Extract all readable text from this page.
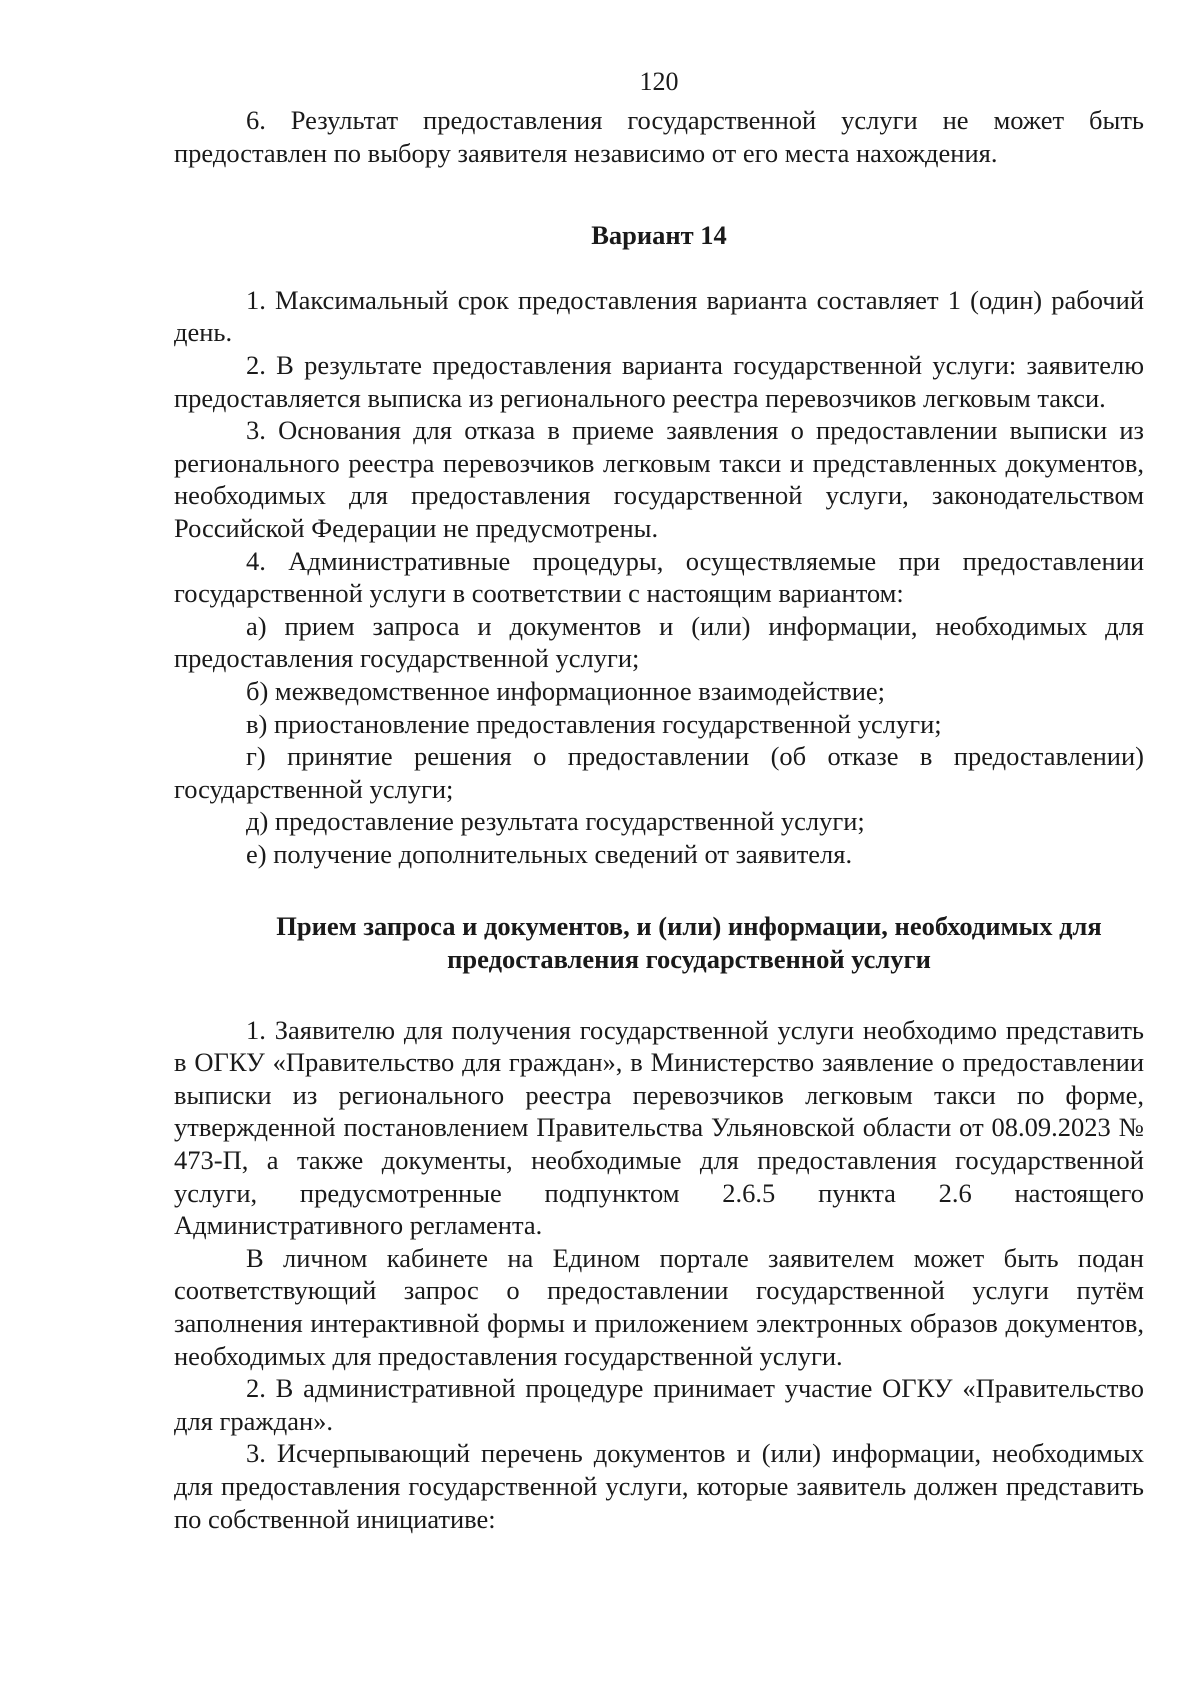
120

6. Результат предоставления государственной услуги не может быть предоставлен по выбору заявителя независимо от его места нахождения.

Вариант 14

1. Максимальный срок предоставления варианта составляет 1 (один) рабочий день.

2. В результате предоставления варианта государственной услуги: заявителю предоставляется выписка из регионального реестра перевозчиков легковым такси.

3. Основания для отказа в приеме заявления о предоставлении выписки из регионального реестра перевозчиков легковым такси и представленных документов, необходимых для предоставления государственной услуги, законодательством Российской Федерации не предусмотрены.

4. Административные процедуры, осуществляемые при предоставлении государственной услуги в соответствии с настоящим вариантом:

а) прием запроса и документов и (или) информации, необходимых для предоставления государственной услуги;

б) межведомственное информационное взаимодействие;

в) приостановление предоставления государственной услуги;

г) принятие решения о предоставлении (об отказе в предоставлении) государственной услуги;

д) предоставление результата государственной услуги;

е) получение дополнительных сведений от заявителя.

Прием запроса и документов, и (или) информации, необходимых для предоставления государственной услуги

1. Заявителю для получения государственной услуги необходимо представить в ОГКУ «Правительство для граждан», в Министерство заявление о предоставлении выписки из регионального реестра перевозчиков легковым такси по форме, утвержденной постановлением Правительства Ульяновской области от 08.09.2023 № 473-П, а также документы, необходимые для предоставления государственной услуги, предусмотренные подпунктом 2.6.5 пункта 2.6 настоящего Административного регламента.

В личном кабинете на Едином портале заявителем может быть подан соответствующий запрос о предоставлении государственной услуги путём заполнения интерактивной формы и приложением электронных образов документов, необходимых для предоставления государственной услуги.

2. В административной процедуре принимает участие ОГКУ «Правительство для граждан».

3. Исчерпывающий перечень документов и (или) информации, необходимых для предоставления государственной услуги, которые заявитель должен представить по собственной инициативе:
